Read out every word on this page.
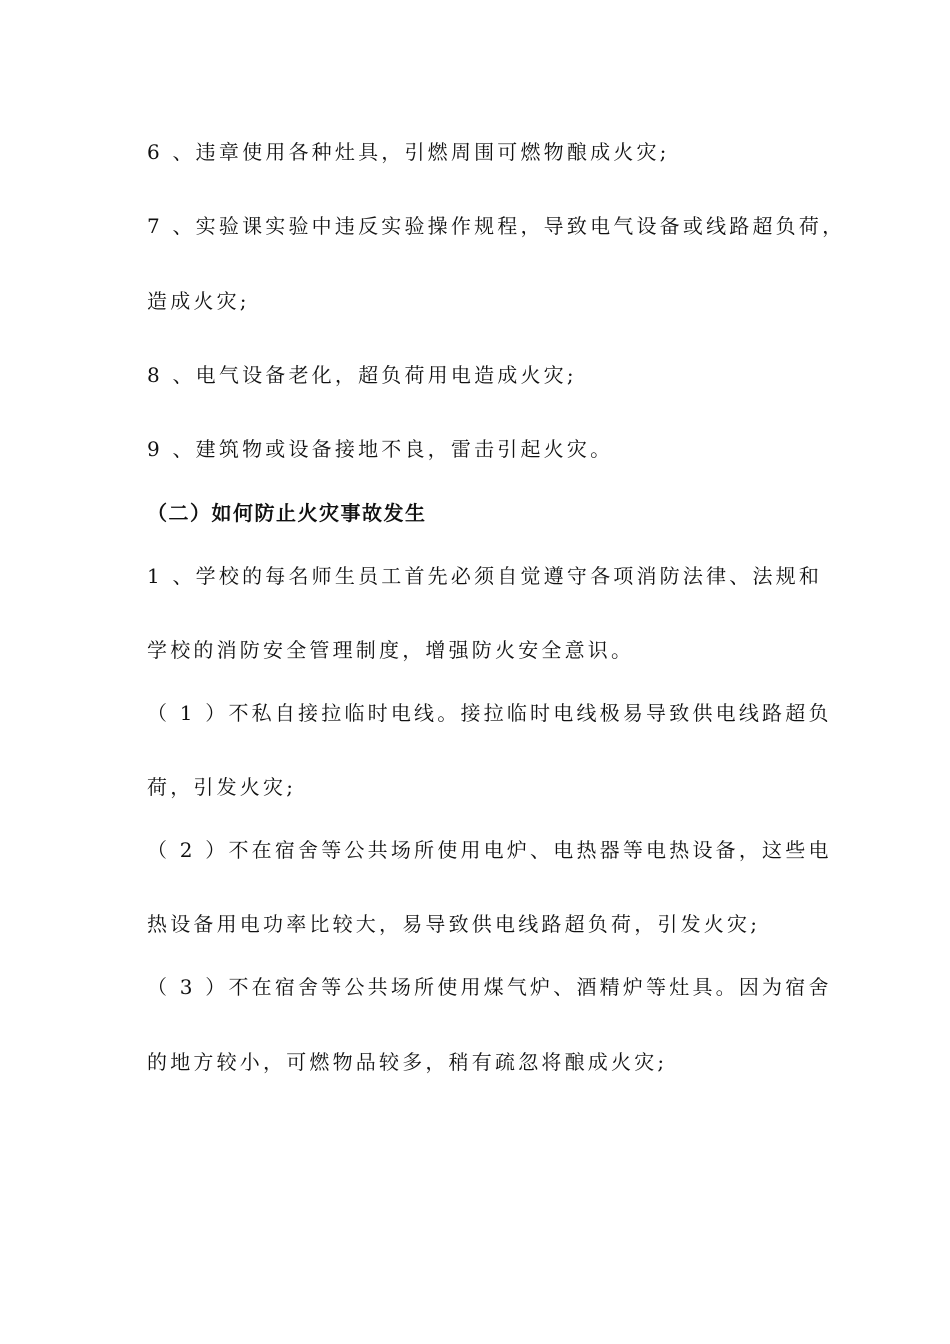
6 、违章使用各种灶具，引燃周围可燃物酿成火灾;
7 、实验课实验中违反实验操作规程，导致电气设备或线路超负荷，
造成火灾;
8 、电气设备老化，超负荷用电造成火灾;
9 、建筑物或设备接地不良，雷击引起火灾。
（二）如何防止火灾事故发生
1 、学校的每名师生员工首先必须自觉遵守各项消防法律、法规和
学校的消防安全管理制度，增强防火安全意识。
（ 1 ）不私自接拉临时电线。接拉临时电线极易导致供电线路超负
荷，引发火灾;
（ 2 ）不在宿舍等公共场所使用电炉、电热器等电热设备，这些电
热设备用电功率比较大，易导致供电线路超负荷，引发火灾;
（ 3 ）不在宿舍等公共场所使用煤气炉、酒精炉等灶具。因为宿舍
的地方较小，可燃物品较多，稍有疏忽将酿成火灾;
